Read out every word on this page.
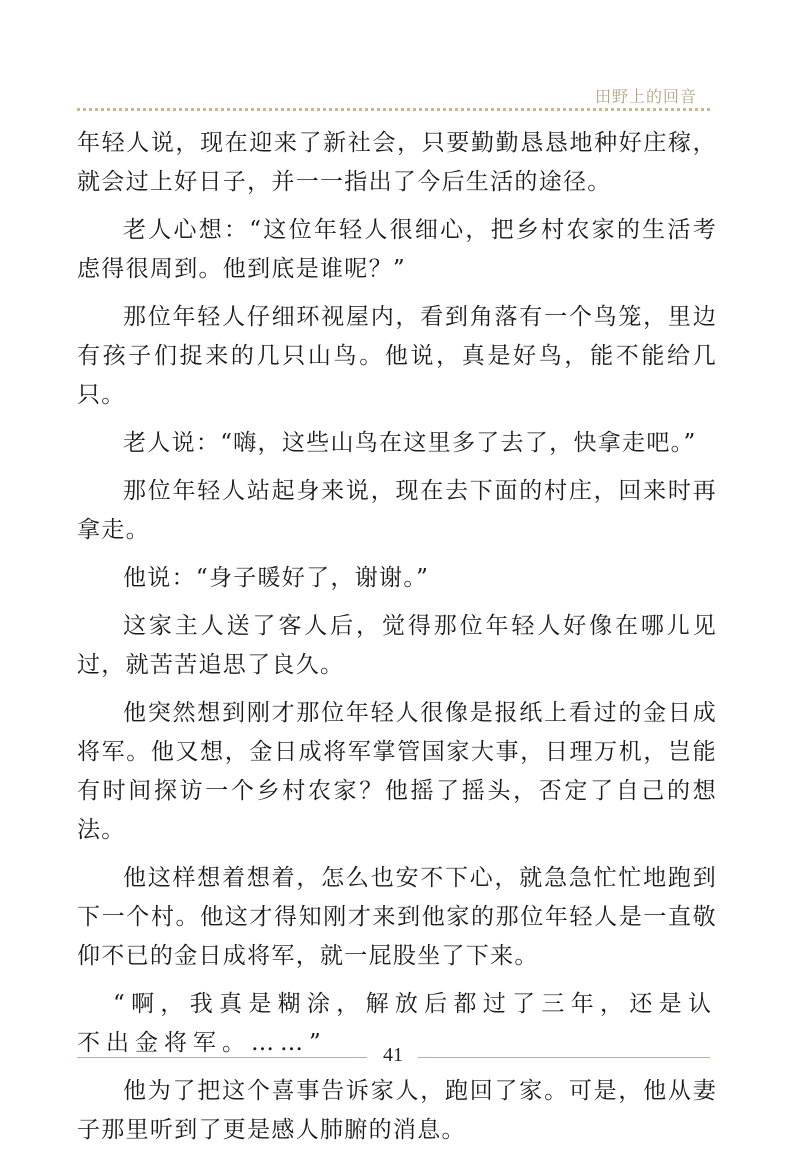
田野上的回音

年轻人说，现在迎来了新社会，只要勤勤恳恳地种好庄稼，就会过上好日子，并一一指出了今后生活的途径。

老人心想：“这位年轻人很细心，把乡村农家的生活考虑得很周到。他到底是谁呢？”

那位年轻人仔细环视屋内，看到角落有一个鸟笼，里边有孩子们捉来的几只山鸟。他说，真是好鸟，能不能给几只。

老人说：“嗨，这些山鸟在这里多了去了，快拿走吧。”

那位年轻人站起身来说，现在去下面的村庄，回来时再拿走。

他说：“身子暖好了，谢谢。”

这家主人送了客人后，觉得那位年轻人好像在哪儿见过，就苦苦追思了良久。

他突然想到刚才那位年轻人很像是报纸上看过的金日成将军。他又想，金日成将军掌管国家大事，日理万机，岂能有时间探访一个乡村农家？他摇了摇头，否定了自己的想法。

他这样想着想着，怎么也安不下心，就急急忙忙地跑到下一个村。他这才得知刚才来到他家的那位年轻人是一直敬仰不已的金日成将军，就一屁股坐了下来。

“啊，我真是糊涂，解放后都过了三年，还是认不出金将军。……”

他为了把这个喜事告诉家人，跑回了家。可是，他从妻子那里听到了更是感人肺腑的消息。

41
